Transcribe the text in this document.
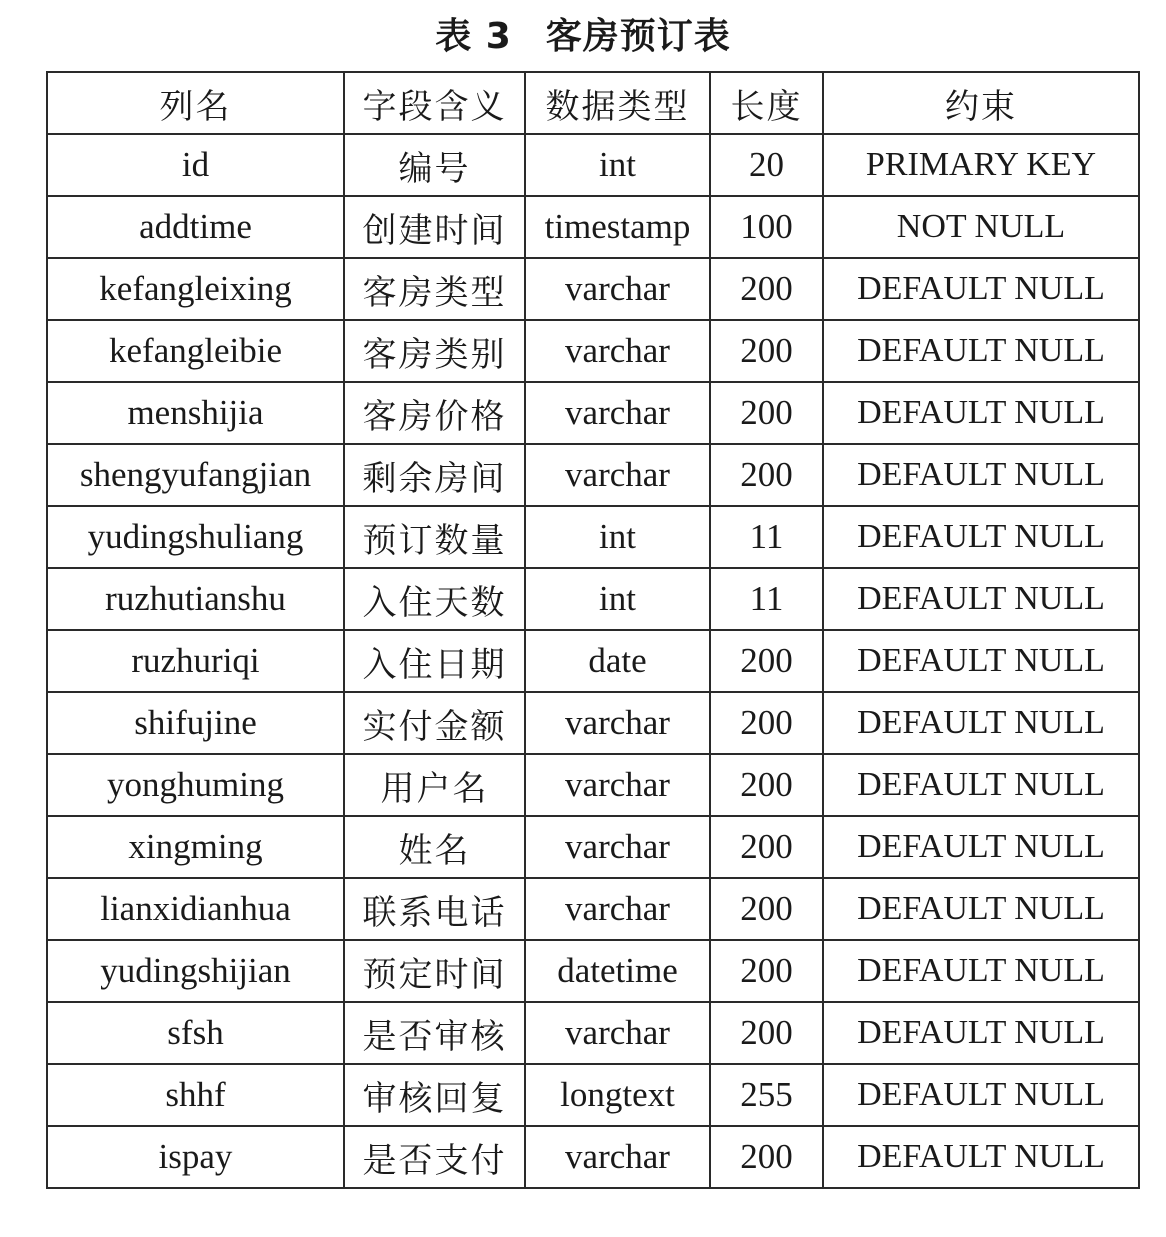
表 3 客房预订表
列名	字段含义	数据类型	长度	约束
id	编号	int	20	PRIMARY KEY
addtime	创建时间	timestamp	100	NOT NULL
kefangleixing	客房类型	varchar	200	DEFAULT NULL
kefangleibie	客房类别	varchar	200	DEFAULT NULL
menshijia	客房价格	varchar	200	DEFAULT NULL
shengyufangjian	剩余房间	varchar	200	DEFAULT NULL
yudingshuliang	预订数量	int	11	DEFAULT NULL
ruzhutianshu	入住天数	int	11	DEFAULT NULL
ruzhuriqi	入住日期	date	200	DEFAULT NULL
shifujine	实付金额	varchar	200	DEFAULT NULL
yonghuming	用户名	varchar	200	DEFAULT NULL
xingming	姓名	varchar	200	DEFAULT NULL
lianxidianhua	联系电话	varchar	200	DEFAULT NULL
yudingshijian	预定时间	datetime	200	DEFAULT NULL
sfsh	是否审核	varchar	200	DEFAULT NULL
shhf	审核回复	longtext	255	DEFAULT NULL
ispay	是否支付	varchar	200	DEFAULT NULL
